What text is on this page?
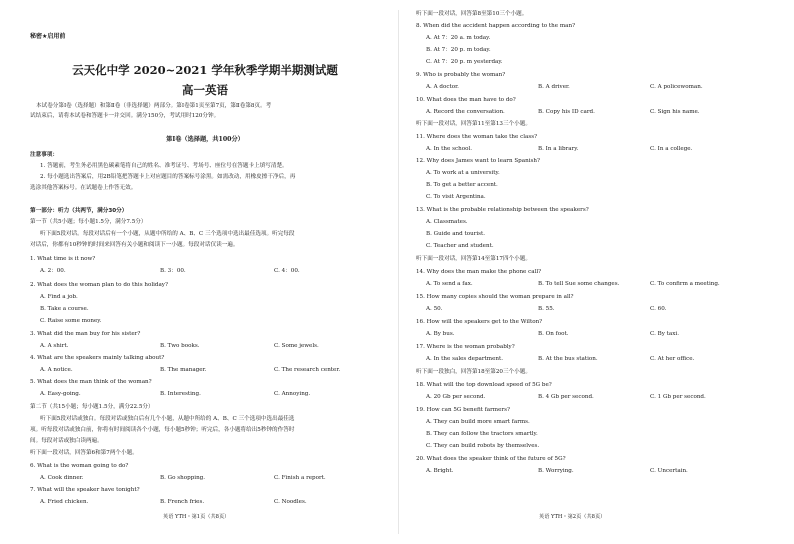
秘密★启用前
云天化中学 2020~2021 学年秋季学期半期测试题
高一英语
本试卷分第Ⅰ卷（选择题）和第Ⅱ卷（非选择题）两部分。第Ⅰ卷第1页至第7页，第Ⅱ卷第8页。考
试结束后，请将本试卷和答题卡一并交回。满分150分，考试用时120分钟。
第Ⅰ卷（选择题，共100分）
注意事项：
1. 答题前，考生务必用黑色碳素笔将自己的姓名、准考证号、考场号、座位号在答题卡上填写清楚。
2. 每小题选出答案后，用2B铅笔把答题卡上对应题目的答案标号涂黑。如需改动，用橡皮擦干净后，再
选涂其他答案标号。在试题卷上作答无效。
第一部分：听力（共两节，满分30分）
第一节（共5小题；每小题1.5分，满分7.5分）
听下面5段对话。每段对话后有一个小题，从题中所给的 A、B、C 三个选项中选出最佳选项。听完每段
对话后，你都有10秒钟的时间来回答有关小题和阅读下一小题。每段对话仅读一遍。
1. What time is it now?
A. 2：00.	B. 3：00.	C. 4：00.
2. What does the woman plan to do this holiday?
A. Find a job.
B. Take a course.
C. Raise some money.
3. What did the man buy for his sister?
A. A shirt.	B. Two books.	C. Some jewels.
4. What are the speakers mainly talking about?
A. A notice.	B. The manager.	C. The research center.
5. What does the man think of the woman?
A. Easy-going.	B. Interesting.	C. Annoying.
第二节（共15小题；每小题1.5分，满分22.5分）
听下面5段对话或独白。每段对话或独白后有几个小题，从题中所给的 A、B、C 三个选项中选出最佳选
项。听每段对话或独白前，你将有时间阅读各个小题，每小题5秒钟；听完后，各小题将给出5秒钟的作答时
间。每段对话或独白读两遍。
听下面一段对话，回答第6和第7两个小题。
6. What is the woman going to do?
A. Cook dinner.	B. Go shopping.	C. Finish a report.
7. What will the speaker have tonight?
A. Fried chicken.	B. French fries.	C. Noodles.
英语 YTH・第1页（共8页）
听下面一段对话，回答第8至第10三个小题。
8. When did the accident happen according to the man?
A. At 7：20 a. m today.
B. At 7：20 p. m today.
C. At 7：20 p. m yesterday.
9. Who is probably the woman?
A. A doctor.	B. A driver.	C. A policewoman.
10. What does the man have to do?
A. Record the conversation.	B. Copy his ID card.	C. Sign his name.
听下面一段对话，回答第11至第13三个小题。
11. Where does the woman take the class?
A. In the school.	B. In a library.	C. In a college.
12. Why does James want to learn Spanish?
A. To work at a university.
B. To get a better accent.
C. To visit Argentina.
13. What is the probable relationship between the speakers?
A. Classmates.
B. Guide and tourist.
C. Teacher and student.
听下面一段对话，回答第14至第17四个小题。
14. Why does the man make the phone call?
A. To send a fax.	B. To tell Sue some changes.	C. To confirm a meeting.
15. How many copies should the woman prepare in all?
A. 50.	B. 55.	C. 60.
16. How will the speakers get to the Wilton?
A. By bus.	B. On foot.	C. By taxi.
17. Where is the woman probably?
A. In the sales department.	B. At the bus station.	C. At her office.
听下面一段独白，回答第18至第20三个小题。
18. What will the top download speed of 5G be?
A. 20 Gb per second.	B. 4 Gb per second.	C. 1 Gb per second.
19. How can 5G benefit farmers?
A. They can build more smart farms.
B. They can follow the tractors smartly.
C. They can build robots by themselves.
20. What does the speaker think of the future of 5G?
A. Bright.	B. Worrying.	C. Uncertain.
英语 YTH・第2页（共8页）
